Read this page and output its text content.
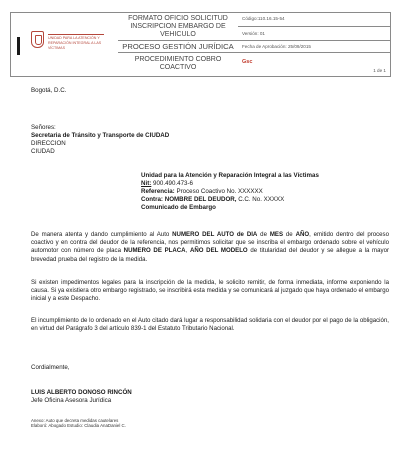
UNIDAD PARA LA ATENCIÓN Y REPARACIÓN INTEGRAL A LAS VÍCTIMAS
FORMATO OFICIO SOLICITUD INSCRIPCION EMBARGO DE VEHICULO
PROCESO GESTIÓN JURÍDICA
PROCEDIMIENTO COBRO COACTIVO
Código:110.16.15-54
Versión: 01
Fecha de Aprobación: 25/09/2015
Gsc
1 de 1
Bogotá, D.C.
Señores:
Secretaria de Tránsito y Transporte de CIUDAD
DIRECCION
CIUDAD
Unidad para la Atención y Reparación Integral a las Víctimas
Nit: 900.490.473-6
Referencia: Proceso Coactivo No. XXXXXX
Contra: NOMBRE DEL DEUDOR, C.C. No. XXXXX
Comunicado de Embargo
De manera atenta y dando cumplimiento al Auto NUMERO DEL AUTO de DIA de MES de AÑO, emitido dentro del proceso coactivo y en contra del deudor de la referencia, nos permitimos solicitar que se inscriba el embargo ordenado sobre el vehículo automotor con número de placa NUMERO DE PLACA, AÑO DEL MODELO de titularidad del deudor y se allegue a la mayor brevedad prueba del registro de la medida.
Si existen impedimentos legales para la inscripción de la medida, le solicito remitir, de forma inmediata, informe exponiendo la causa. Si ya existiera otro embargo registrado, se inscribirá esta medida y se comunicará al juzgado que haya ordenado el embargo inicial y a este Despacho.
El incumplimiento de lo ordenado en el Auto citado dará lugar a responsabilidad solidaria con el deudor por el pago de la obligación, en virtud del Parágrafo 3 del artículo 839-1 del Estatuto Tributario Nacional.
Cordialmente,
LUIS ALBERTO DONOSO RINCÓN
Jefe Oficina Asesora Jurídica
Anexo: Auto que decreta medidas cautelares
Elaboró: Abogado Estudio: Claudia AnaDaniel C.
